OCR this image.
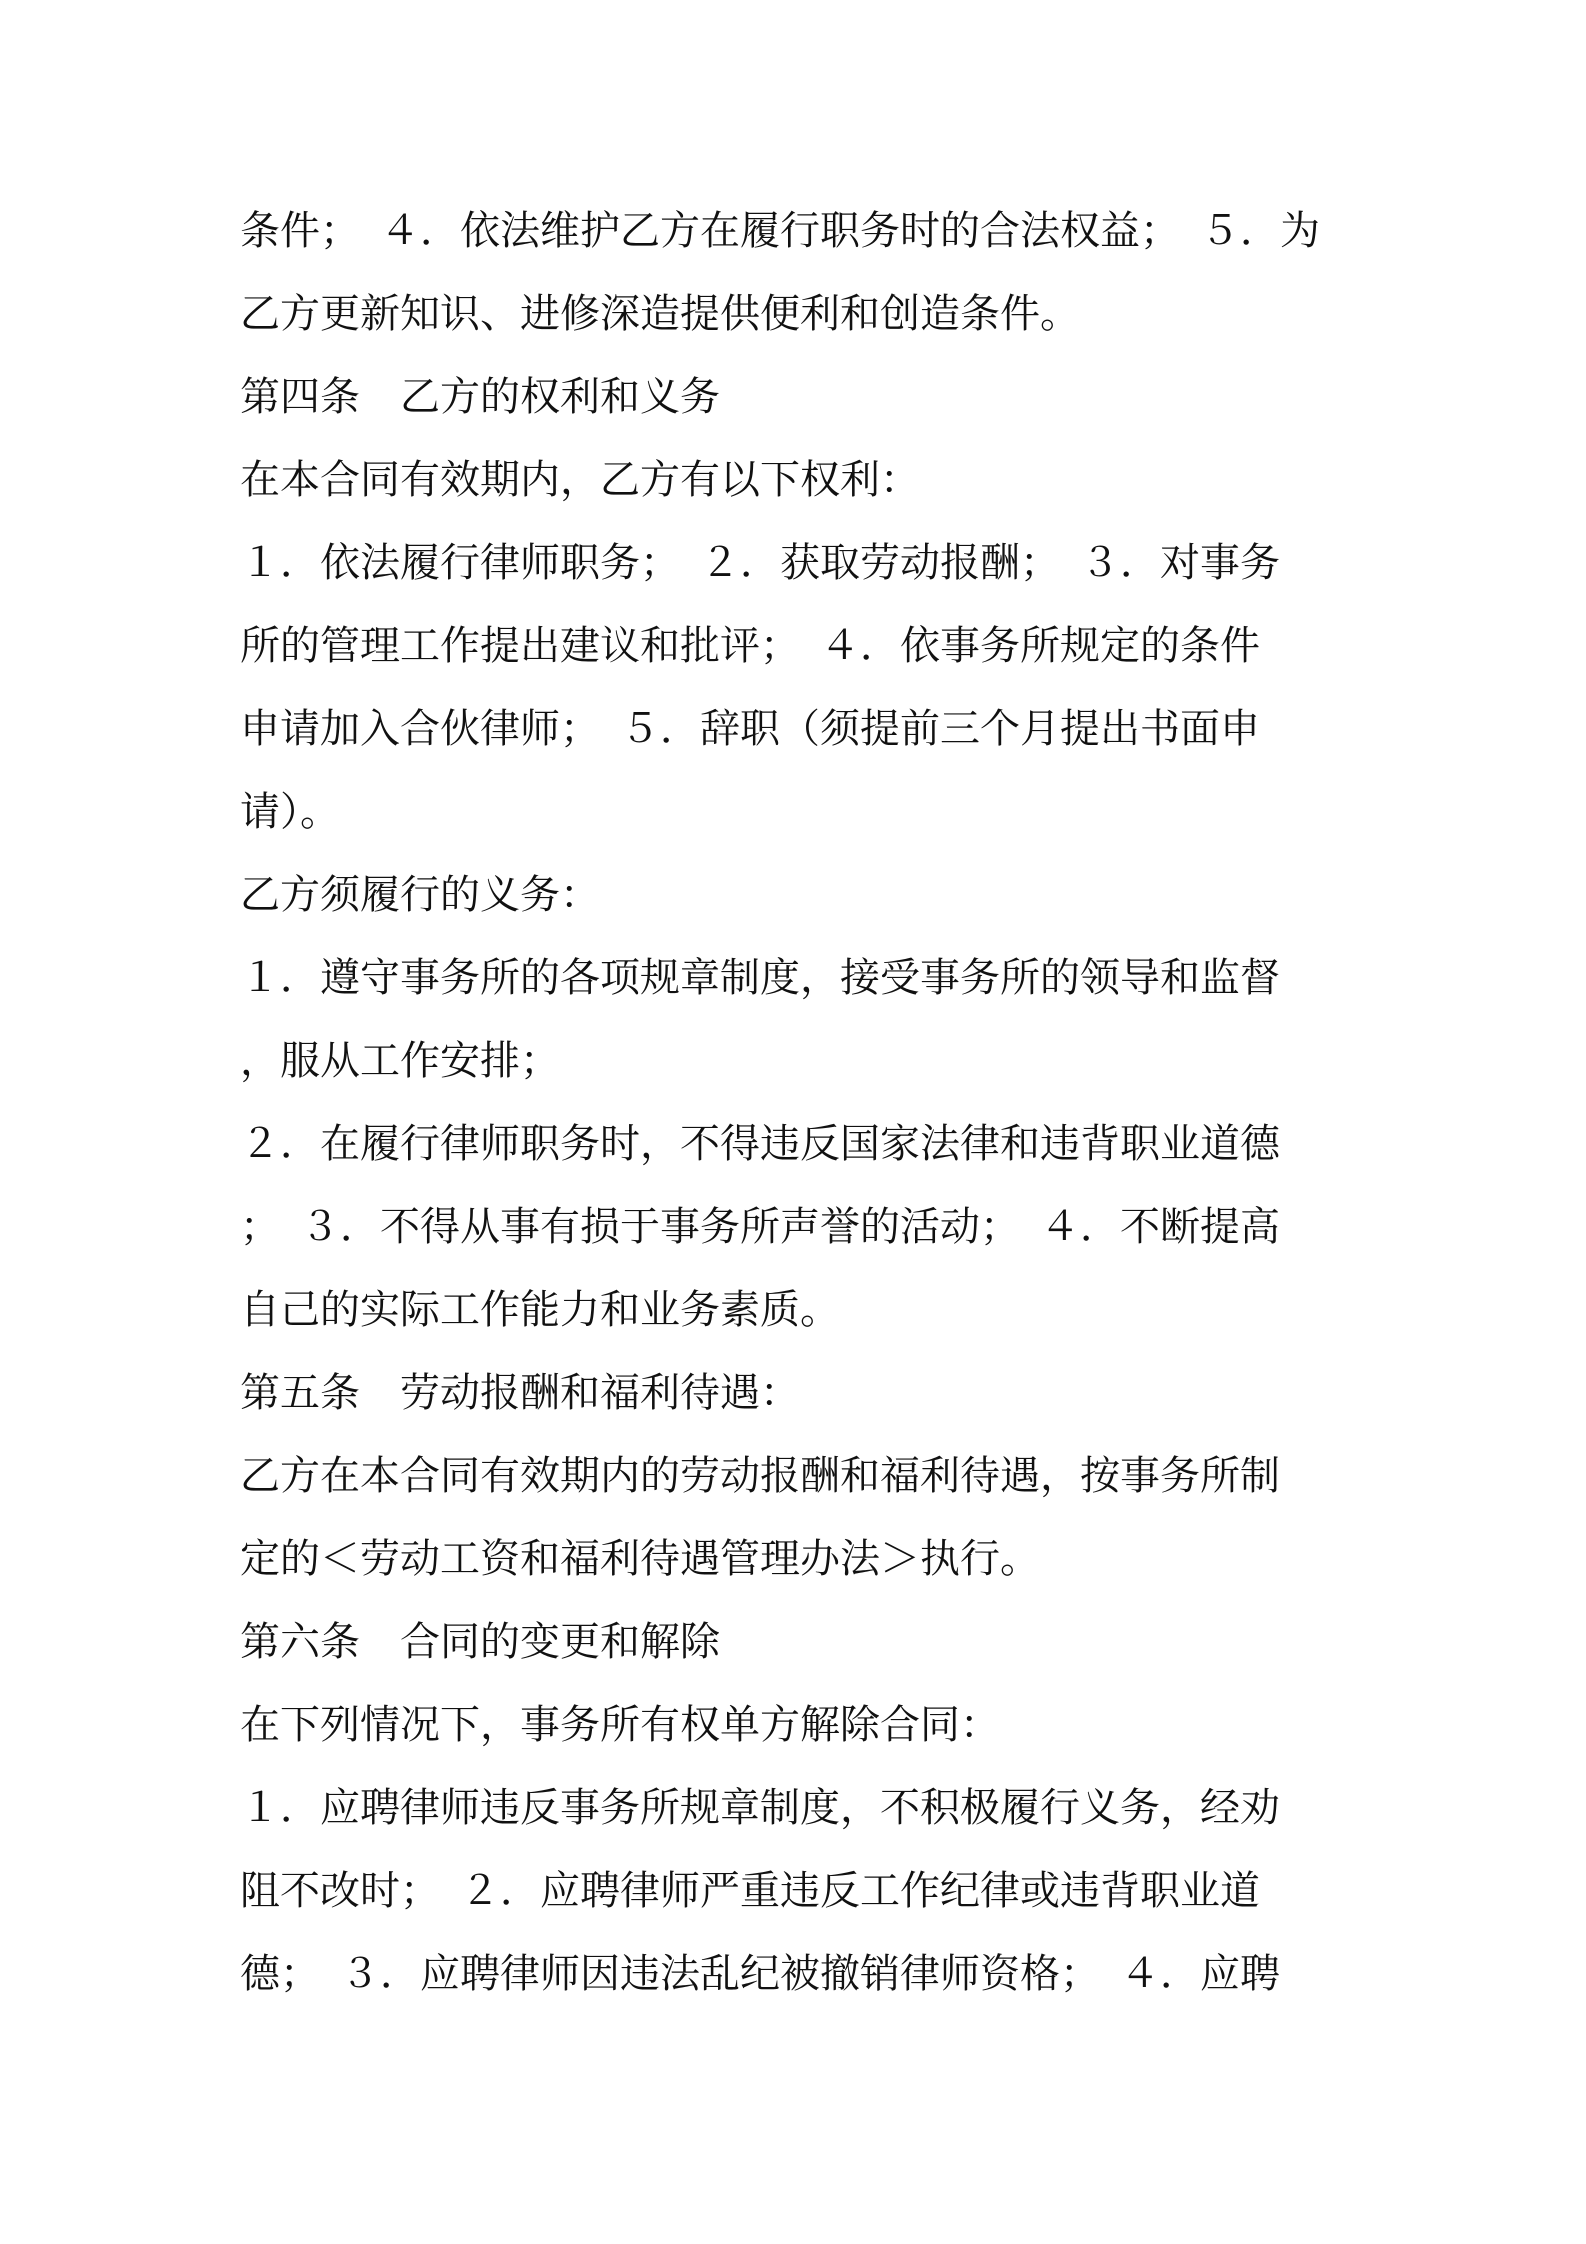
条件；　４．依法维护乙方在履行职务时的合法权益；　５．为
乙方更新知识、进修深造提供便利和创造条件。
第四条　乙方的权利和义务
在本合同有效期内，乙方有以下权利：
１．依法履行律师职务；　２．获取劳动报酬；　３．对事务
所的管理工作提出建议和批评；　４．依事务所规定的条件
申请加入合伙律师；　５．辞职（须提前三个月提出书面申
请）。
乙方须履行的义务：
１．遵守事务所的各项规章制度，接受事务所的领导和监督
，服从工作安排；
２．在履行律师职务时，不得违反国家法律和违背职业道德
；　３．不得从事有损于事务所声誉的活动；　４．不断提高
自己的实际工作能力和业务素质。
第五条　劳动报酬和福利待遇：
乙方在本合同有效期内的劳动报酬和福利待遇，按事务所制
定的＜劳动工资和福利待遇管理办法＞执行。
第六条　合同的变更和解除
在下列情况下，事务所有权单方解除合同：
１．应聘律师违反事务所规章制度，不积极履行义务，经劝
阻不改时；　２．应聘律师严重违反工作纪律或违背职业道
德；　３．应聘律师因违法乱纪被撤销律师资格；　４．应聘
